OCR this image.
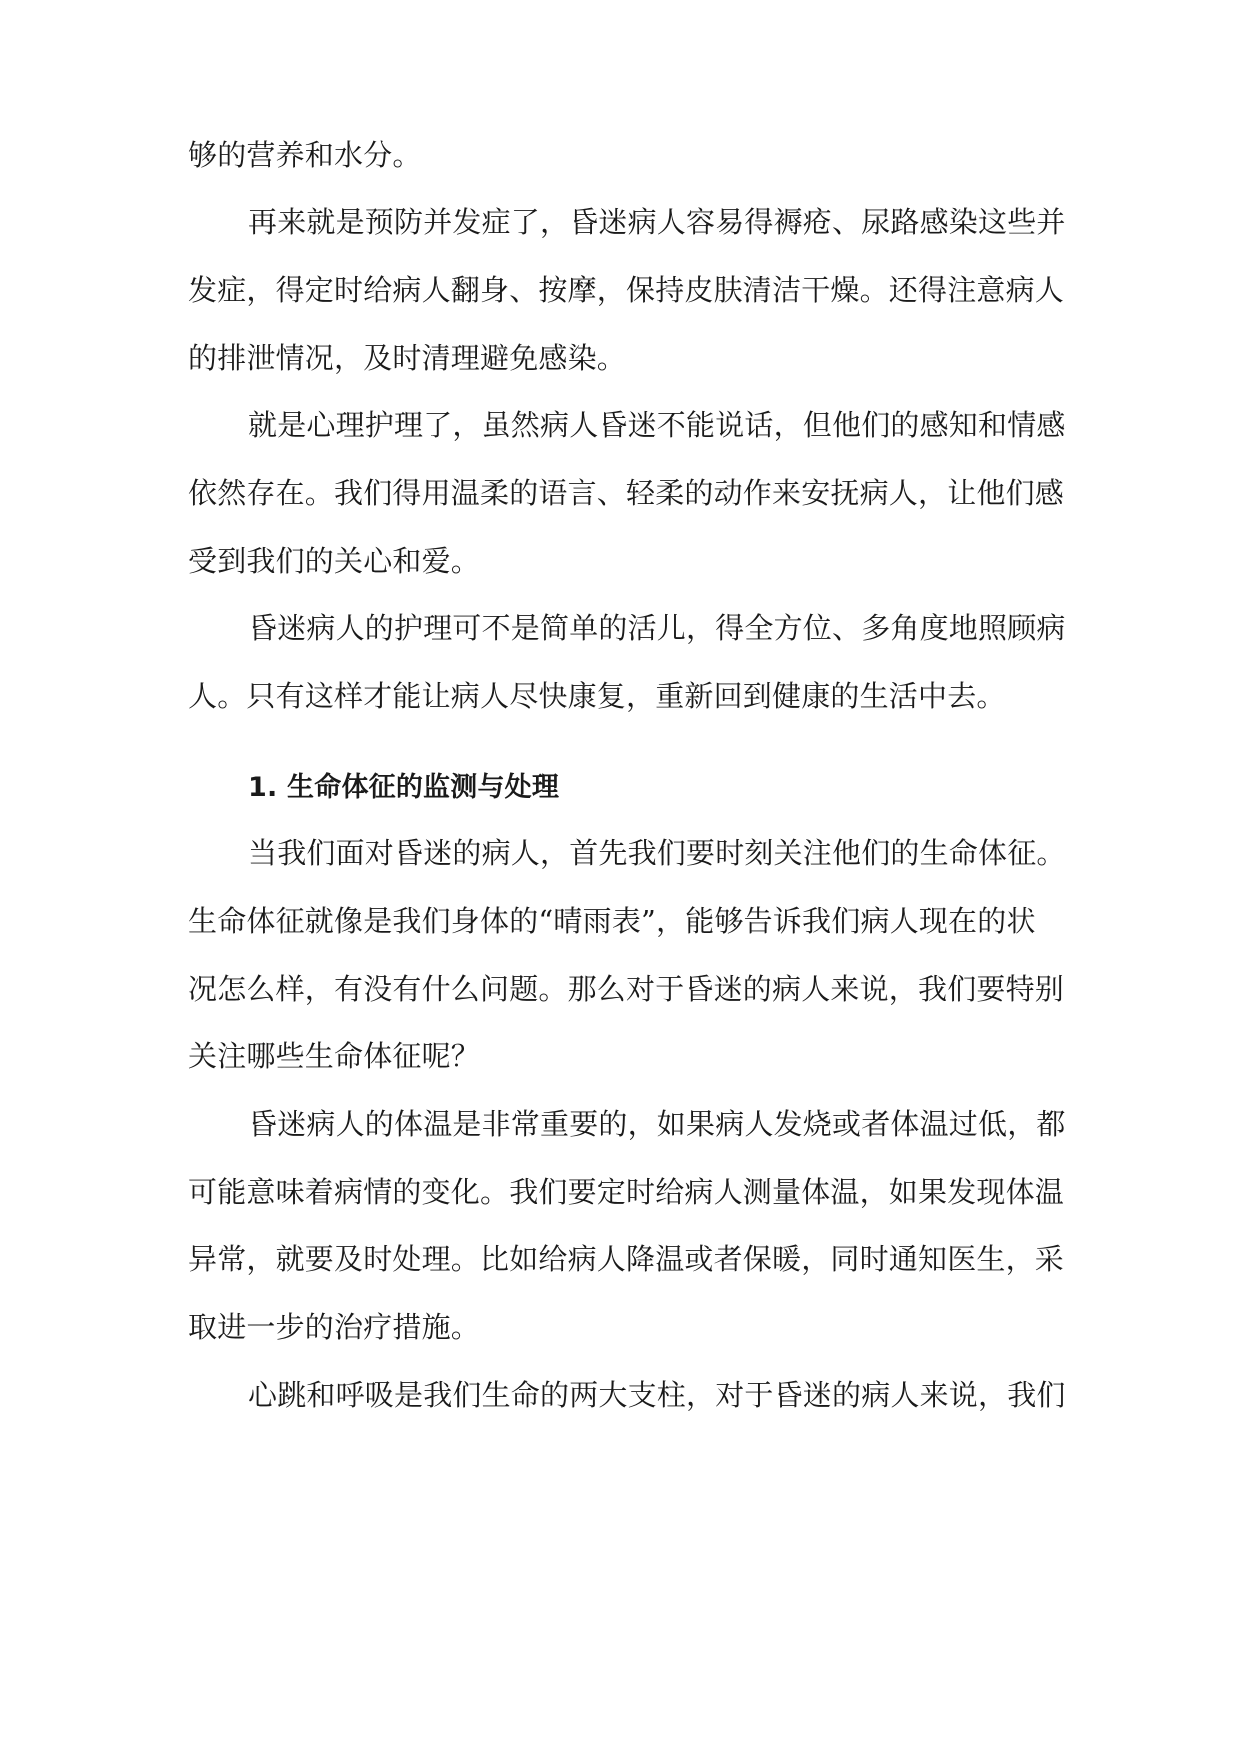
够的营养和水分。
再来就是预防并发症了，昏迷病人容易得褥疮、尿路感染这些并
发症，得定时给病人翻身、按摩，保持皮肤清洁干燥。还得注意病人
的排泄情况，及时清理避免感染。
就是心理护理了，虽然病人昏迷不能说话，但他们的感知和情感
依然存在。我们得用温柔的语言、轻柔的动作来安抚病人，让他们感
受到我们的关心和爱。
昏迷病人的护理可不是简单的活儿，得全方位、多角度地照顾病
人。只有这样才能让病人尽快康复，重新回到健康的生活中去。
1. 生命体征的监测与处理
当我们面对昏迷的病人，首先我们要时刻关注他们的生命体征。
生命体征就像是我们身体的“晴雨表”，能够告诉我们病人现在的状
况怎么样，有没有什么问题。那么对于昏迷的病人来说，我们要特别
关注哪些生命体征呢？
昏迷病人的体温是非常重要的，如果病人发烧或者体温过低，都
可能意味着病情的变化。我们要定时给病人测量体温，如果发现体温
异常，就要及时处理。比如给病人降温或者保暖，同时通知医生，采
取进一步的治疗措施。
心跳和呼吸是我们生命的两大支柱，对于昏迷的病人来说，我们
